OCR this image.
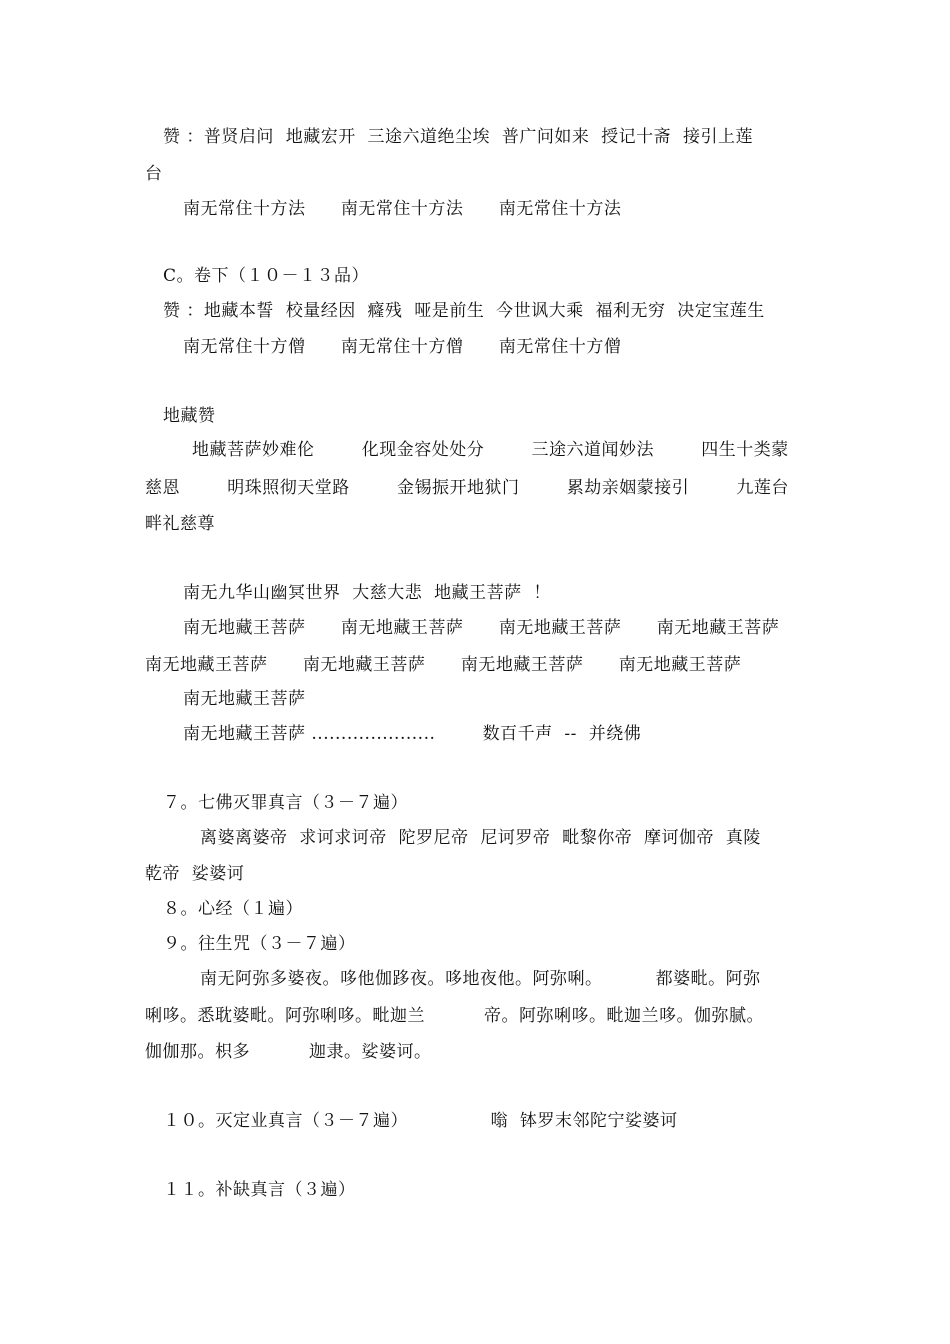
赞 ：普贤启问  地藏宏开  三途六道绝尘埃  普广问如来  授记十斋  接引上莲
台
南无常住十方法      南无常住十方法      南无常住十方法
C。卷下（１０－１３品）
赞 ：地藏本誓  校量经因  癃残  哑是前生  今世讽大乘  福利无穷  决定宝莲生
南无常住十方僧      南无常住十方僧      南无常住十方僧
地藏赞
地藏菩萨妙难伦        化现金容处处分        三途六道闻妙法        四生十类蒙
慈恩        明珠照彻天堂路        金锡振开地狱门        累劫亲姻蒙接引        九莲台
畔礼慈尊
南无九华山幽冥世界  大慈大悲  地藏王菩萨  ！
南无地藏王菩萨      南无地藏王菩萨      南无地藏王菩萨      南无地藏王菩萨
南无地藏王菩萨      南无地藏王菩萨      南无地藏王菩萨      南无地藏王菩萨
南无地藏王菩萨
南无地藏王菩萨 .....................        数百千声  --  并绕佛
７。七佛灭罪真言（３－７遍）
离婆离婆帝  求诃求诃帝  陀罗尼帝  尼诃罗帝  毗黎你帝  摩诃伽帝  真陵
乾帝  娑婆诃
８。心经（１遍）
９。往生咒（３－７遍）
南无阿弥多婆夜。哆他伽跢夜。哆地夜他。阿弥唎。         都婆毗。阿弥
唎哆。悉耽婆毗。阿弥唎哆。毗迦兰          帝。阿弥唎哆。毗迦兰哆。伽弥腻。
伽伽那。枳多          迦隶。娑婆诃。
１０。灭定业真言（３－７遍）              嗡  钵罗末邻陀宁娑婆诃
１１。补缺真言（３遍）
